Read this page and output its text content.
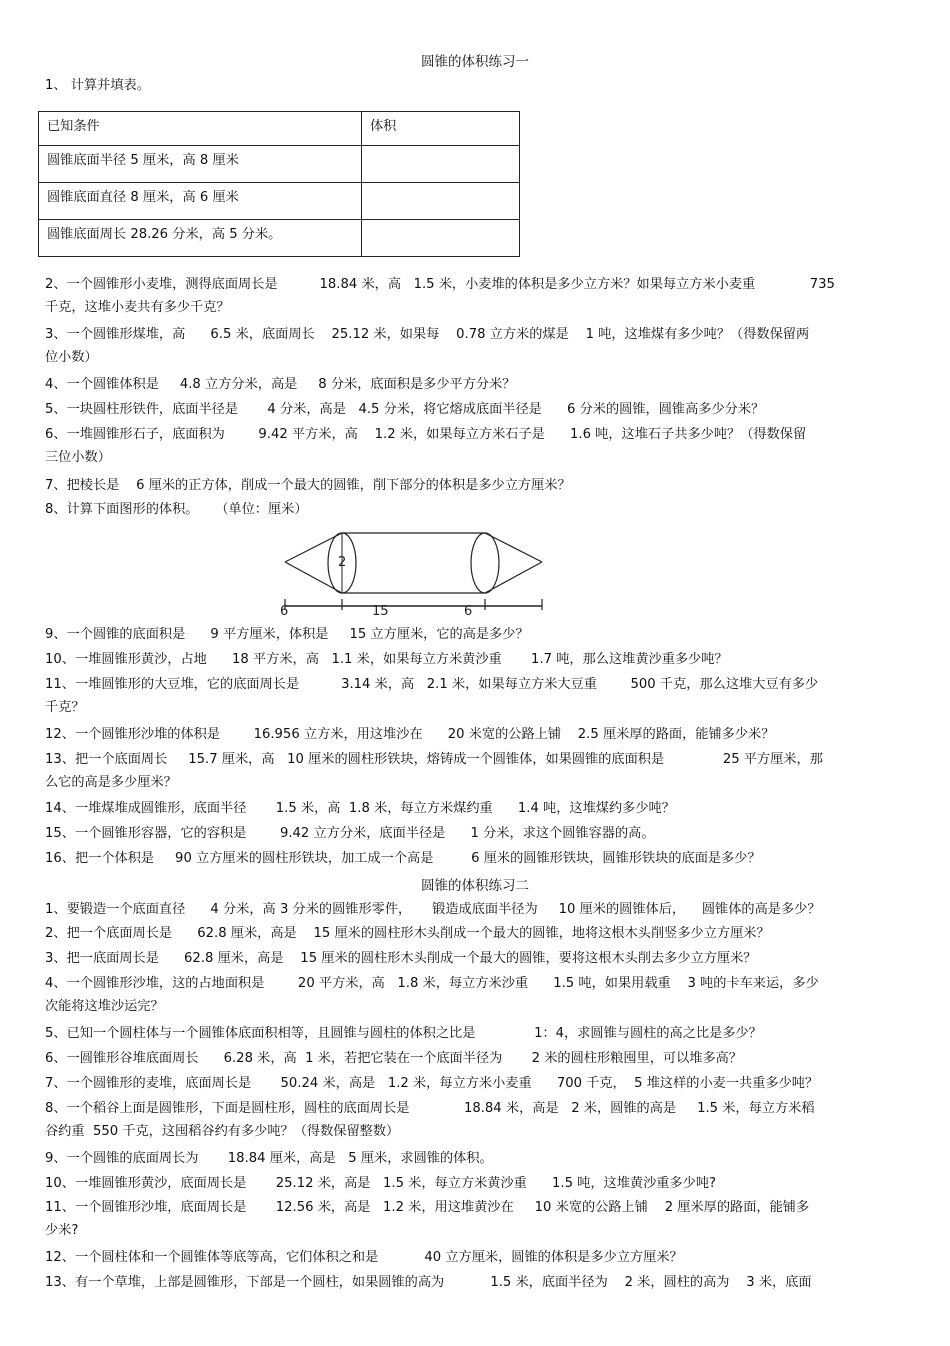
圆锥的体积练习一
1、 计算并填表。
已知条件	体积
圆锥底面半径 5 厘米，高 8 厘米	
圆锥底面直径 8 厘米，高 6 厘米	
圆锥底面周长 28.26 分米，高 5 分米。	
2、一个圆锥形小麦堆，测得底面周长是          18.84 米，高   1.5 米，小麦堆的体积是多少立方米？如果每立方米小麦重             735
千克，这堆小麦共有多少千克？
3、一个圆锥形煤堆，高      6.5 米，底面周长    25.12 米，如果每    0.78 立方米的煤是    1 吨，这堆煤有多少吨？（得数保留两
位小数）
4、一个圆锥体积是     4.8 立方分米，高是     8 分米，底面积是多少平方分米？
5、一块圆柱形铁件，底面半径是       4 分米，高是   4.5 分米，将它熔成底面半径是      6 分米的圆锥，圆锥高多少分米？
6、一堆圆锥形石子，底面积为        9.42 平方米，高    1.2 米，如果每立方米石子是      1.6 吨，这堆石子共多少吨？（得数保留
三位小数）
7、把棱长是    6 厘米的正方体，削成一个最大的圆锥，削下部分的体积是多少立方厘米？
8、计算下面图形的体积。    （单位：厘米）
2
6	15	6
9、一个圆锥的底面积是      9 平方厘米，体积是     15 立方厘米，它的高是多少？
10、一堆圆锥形黄沙，占地      18 平方米，高   1.1 米，如果每立方米黄沙重       1.7 吨，那么这堆黄沙重多少吨？
11、一堆圆锥形的大豆堆，它的底面周长是          3.14 米，高   2.1 米，如果每立方米大豆重        500 千克，那么这堆大豆有多少
千克？
12、一个圆锥形沙堆的体积是        16.956 立方米，用这堆沙在      20 米宽的公路上铺    2.5 厘米厚的路面，能铺多少米？
13、把一个底面周长     15.7 厘米，高   10 厘米的圆柱形铁块，熔铸成一个圆锥体，如果圆锥的底面积是              25 平方厘米，那
么它的高是多少厘米？
14、一堆煤堆成圆锥形，底面半径       1.5 米，高  1.8 米，每立方米煤约重      1.4 吨，这堆煤约多少吨？
15、一个圆锥形容器，它的容积是        9.42 立方分米，底面半径是      1 分米，求这个圆锥容器的高。
16、把一个体积是     90 立方厘米的圆柱形铁块，加工成一个高是         6 厘米的圆锥形铁块，圆锥形铁块的底面是多少？
圆锥的体积练习二
1、要锻造一个底面直径      4 分米，高 3 分米的圆锥形零件，     锻造成底面半径为     10 厘米的圆锥体后，    圆锥体的高是多少？
2、把一个底面周长是      62.8 厘米，高是    15 厘米的圆柱形木头削成一个最大的圆锥，地将这根木头削竖多少立方厘米？
3、把一底面周长是      62.8 厘米，高是    15 厘米的圆柱形木头削成一个最大的圆锥，要将这根木头削去多少立方厘米？
4、一个圆锥形沙堆，这的占地面积是        20 平方米，高   1.8 米，每立方米沙重      1.5 吨，如果用载重    3 吨的卡车来运，多少
次能将这堆沙运完？
5、已知一个圆柱体与一个圆锥体底面积相等，且圆锥与圆柱的体积之比是              1：4，求圆锥与圆柱的高之比是多少？
6、一圆锥形谷堆底面周长      6.28 米，高  1 米，若把它装在一个底面半径为       2 米的圆柱形粮囤里，可以堆多高？
7、一个圆锥形的麦堆，底面周长是       50.24 米，高是   1.2 米，每立方米小麦重      700 千克，  5 堆这样的小麦一共重多少吨？
8、一个稻谷上面是圆锥形，下面是圆柱形，圆柱的底面周长是             18.84 米，高是   2 米，圆锥的高是     1.5 米，每立方米稻
谷约重  550 千克，这囤稻谷约有多少吨？（得数保留整数）
9、一个圆锥的底面周长为       18.84 厘米，高是   5 厘米，求圆锥的体积。
10、一堆圆锥形黄沙，底面周长是       25.12 米，高是   1.5 米，每立方米黄沙重      1.5 吨，这堆黄沙重多少吨?
11、一个圆锥形沙堆，底面周长是       12.56 米，高是   1.2 米，用这堆黄沙在     10 米宽的公路上铺    2 厘米厚的路面，能铺多
少米?
12、一个圆柱体和一个圆锥体等底等高，它们体积之和是           40 立方厘米，圆锥的体积是多少立方厘米？
13、有一个草堆，上部是圆锥形，下部是一个圆柱，如果圆锥的高为           1.5 米，底面半径为    2 米，圆柱的高为    3 米，底面
